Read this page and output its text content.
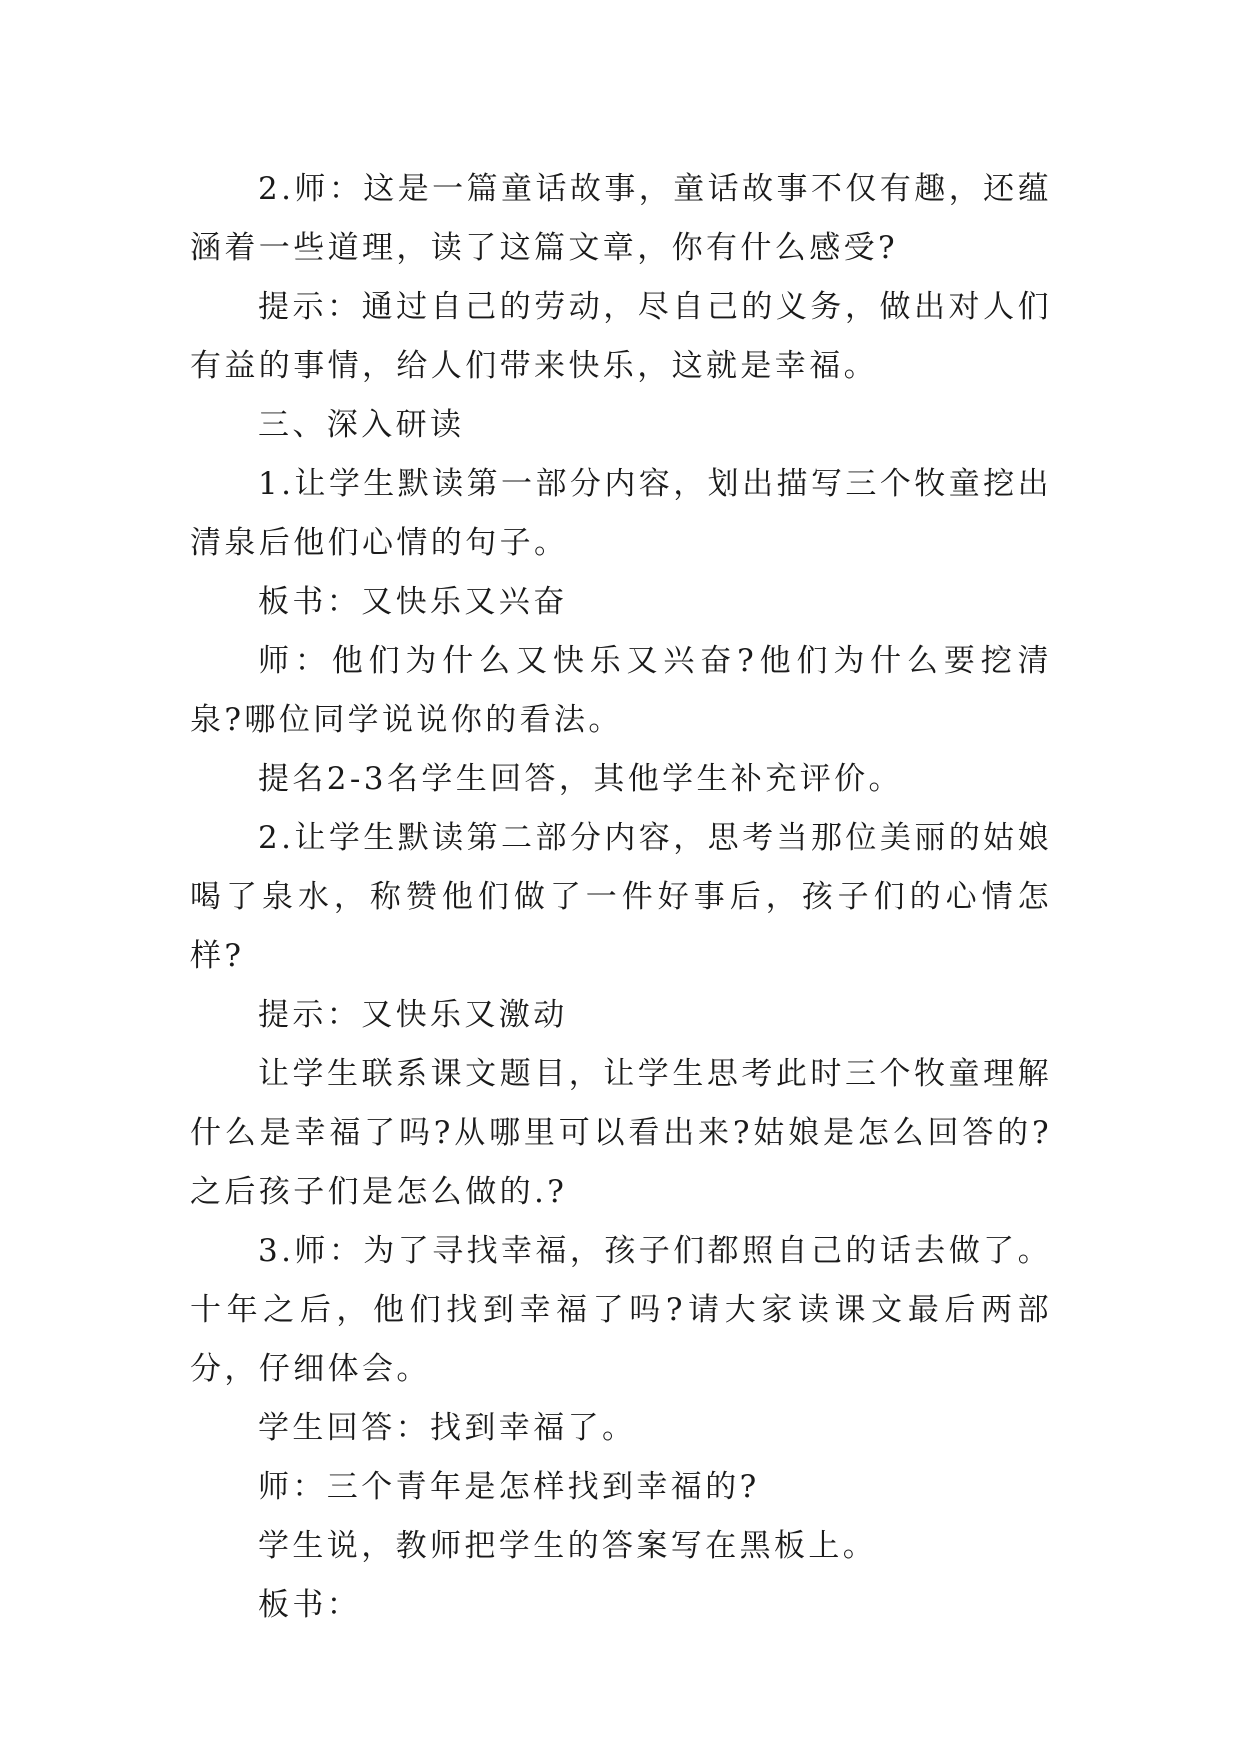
2.师：这是一篇童话故事，童话故事不仅有趣，还蕴涵着一些道理，读了这篇文章，你有什么感受?

提示：通过自己的劳动，尽自己的义务，做出对人们有益的事情，给人们带来快乐，这就是幸福。

三、深入研读

1.让学生默读第一部分内容，划出描写三个牧童挖出清泉后他们心情的句子。

板书：又快乐又兴奋

师：他们为什么又快乐又兴奋?他们为什么要挖清泉?哪位同学说说你的看法。

提名2-3名学生回答，其他学生补充评价。

2.让学生默读第二部分内容，思考当那位美丽的姑娘喝了泉水，称赞他们做了一件好事后，孩子们的心情怎样?

提示：又快乐又激动

让学生联系课文题目，让学生思考此时三个牧童理解什么是幸福了吗?从哪里可以看出来?姑娘是怎么回答的?之后孩子们是怎么做的.?

3.师：为了寻找幸福，孩子们都照自己的话去做了。十年之后，他们找到幸福了吗?请大家读课文最后两部分，仔细体会。

学生回答：找到幸福了。

师：三个青年是怎样找到幸福的?

学生说，教师把学生的答案写在黑板上。

板书：
